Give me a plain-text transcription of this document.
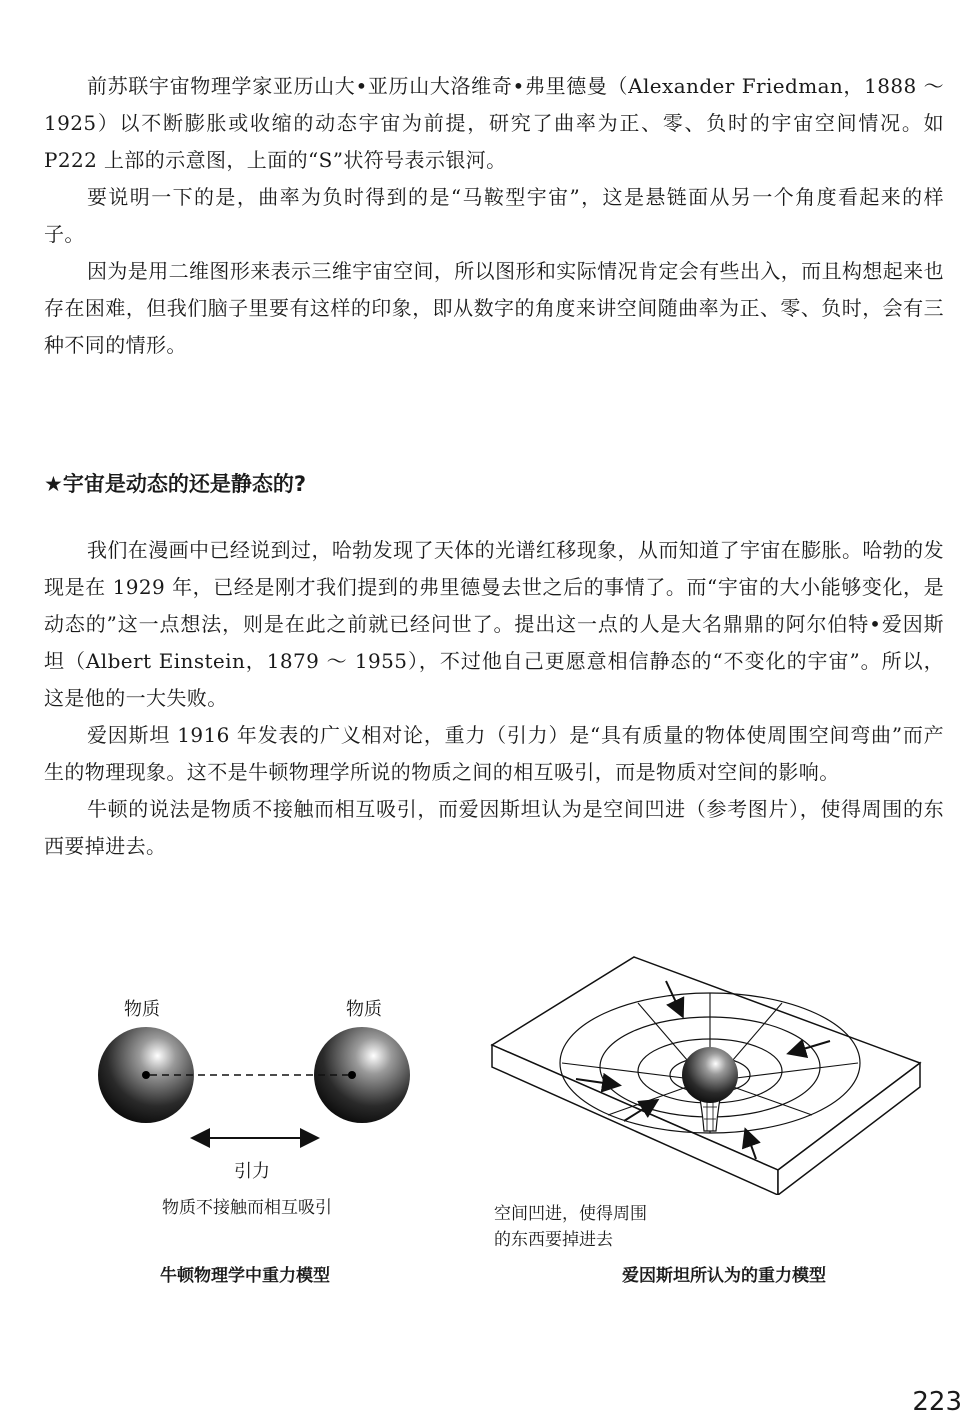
前苏联宇宙物理学家亚历山大•亚历山大洛维奇•弗里德曼（Alexander Friedman，1888 ～ 1925）以不断膨胀或收缩的动态宇宙为前提，研究了曲率为正、零、负时的宇宙空间情况。如 P222 上部的示意图，上面的“S”状符号表示银河。

要说明一下的是，曲率为负时得到的是“马鞍型宇宙”，这是悬链面从另一个角度看起来的样子。

因为是用二维图形来表示三维宇宙空间，所以图形和实际情况肯定会有些出入，而且构想起来也存在困难，但我们脑子里要有这样的印象，即从数字的角度来讲空间随曲率为正、零、负时，会有三种不同的情形。

★宇宙是动态的还是静态的?

我们在漫画中已经说到过，哈勃发现了天体的光谱红移现象，从而知道了宇宙在膨胀。哈勃的发现是在 1929 年，已经是刚才我们提到的弗里德曼去世之后的事情了。而“宇宙的大小能够变化，是动态的”这一点想法，则是在此之前就已经问世了。提出这一点的人是大名鼎鼎的阿尔伯特•爱因斯坦（Albert Einstein，1879 ～ 1955），不过他自己更愿意相信静态的“不变化的宇宙”。所以，这是他的一大失败。

爱因斯坦 1916 年发表的广义相对论，重力（引力）是“具有质量的物体使周围空间弯曲”而产生的物理现象。这不是牛顿物理学所说的物质之间的相互吸引，而是物质对空间的影响。

牛顿的说法是物质不接触而相互吸引，而爱因斯坦认为是空间凹进（参考图片），使得周围的东西要掉进去。

物质	物质
引力
物质不接触而相互吸引
牛顿物理学中重力模型
空间凹进，使得周围
的东西要掉进去
爱因斯坦所认为的重力模型
223
